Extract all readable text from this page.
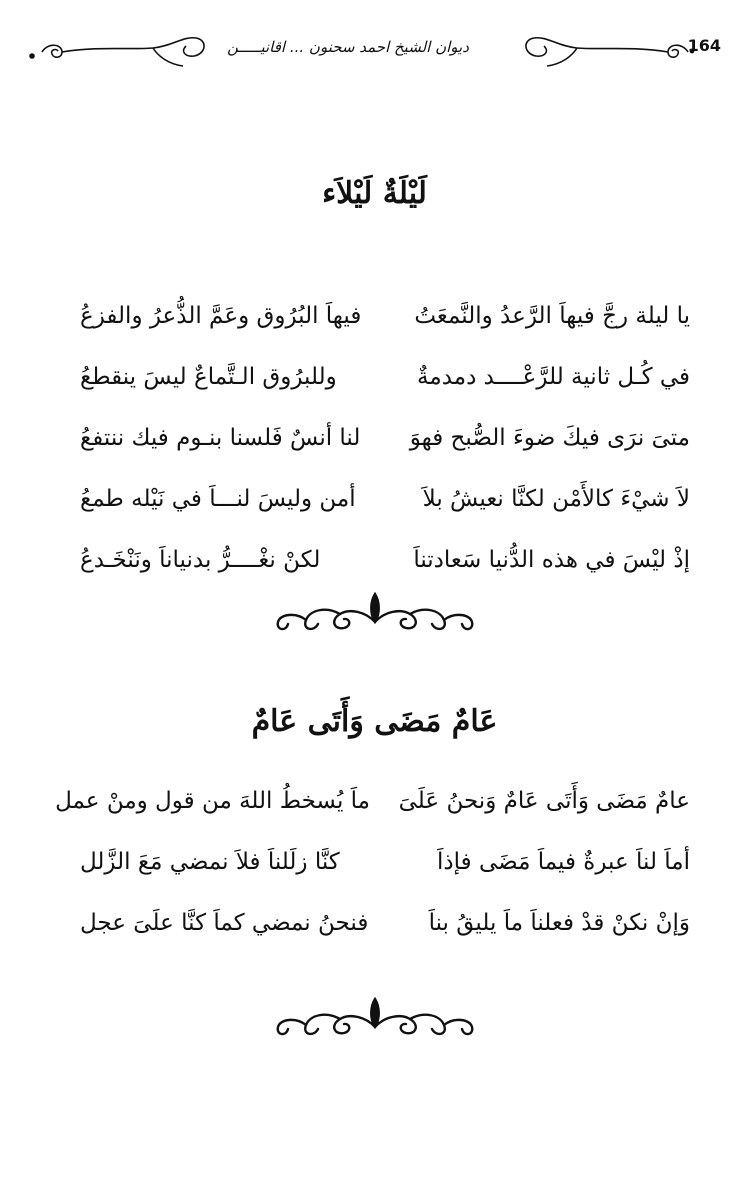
ديوان الشيخ احمد سحنون ... اقانيـــــن	164
لَيْلَةٌ لَيْلاَء
يا ليلة رجَّ فيهاَ الرَّعدُ والنَّمعَتُ
فيهاَ البُرُوق وعَمَّ الذُّعرُ والفزعُ
في كُـل ثانية للرَّعْــــد دمدمةٌ
وللبرُوق الـتَّماعٌ ليسَ ينقطعُ
متىَ نرَى فيكَ ضوءَ الصُّبح فهوَ
لنا أنسٌ فَلسنا بنـوم فيك ننتفعُ
لاَ شيْءَ كالأَمْن لكنَّا نعيشُ بلاَ
أمن وليسَ لنـــاَ في نَيْله طمعُ
إذْ ليْسَ في هذه الدُّنيا سَعادتناَ
لكنْ نغْــــرُّ بدنياناَ ونَنْخَـدعُ
عَامٌ مَضَى وَأَتَى عَامٌ
عامٌ مَضَى وَأَتَى عَامٌ وَنحنُ عَلَىَ
ماَ يُسخطُ اللهَ من قول ومنْ عمل
أماَ لناَ عبرةٌ فيماَ مَضَى فإذاَ
كنَّا زلَلناَ فلاَ نمضي مَعَ الزَّلل
وَإنْ نكنْ قدْ فعلناَ ماَ يليقُ بناَ
فنحنُ نمضي كماَ كنَّا علَىَ عجل
